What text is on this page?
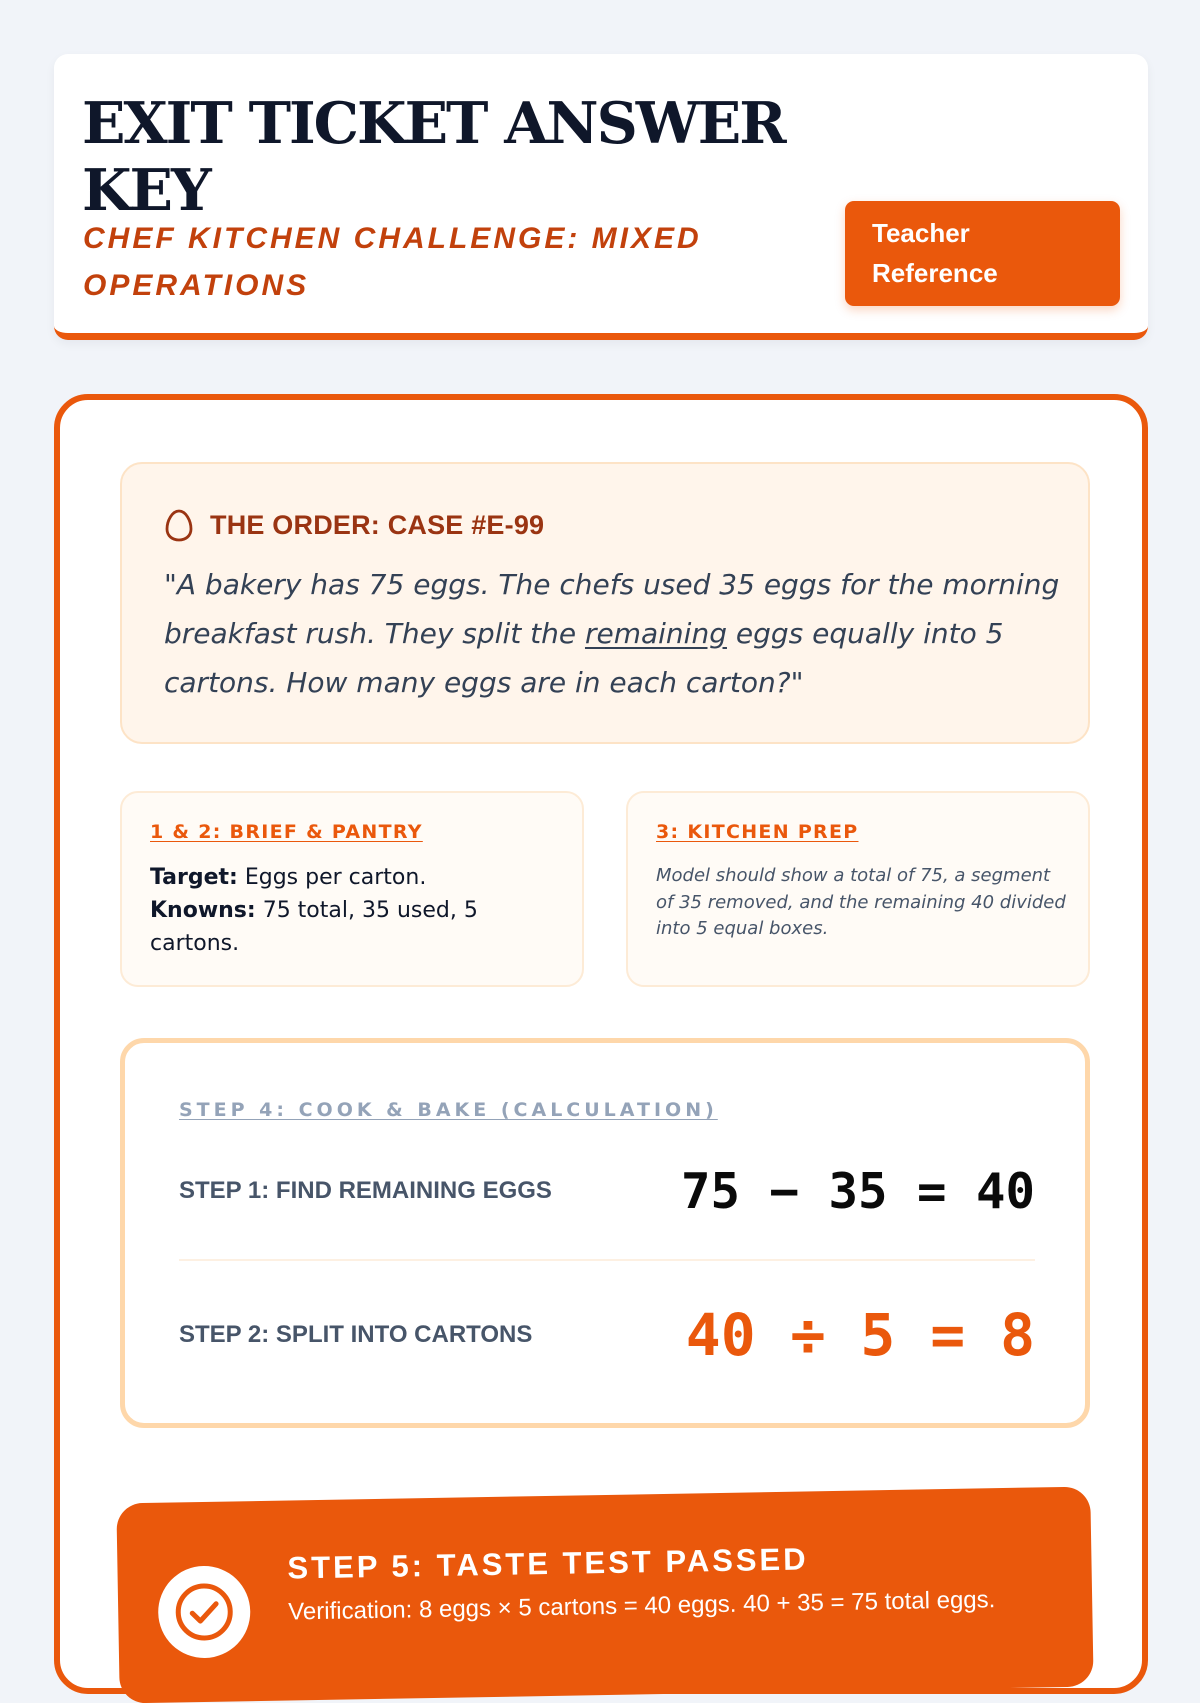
EXIT TICKET ANSWER KEY
CHEF KITCHEN CHALLENGE: MIXED OPERATIONS
Teacher Reference
THE ORDER: CASE #E-99

"A bakery has 75 eggs. The chefs used 35 eggs for the morning breakfast rush. They split the remaining eggs equally into 5 cartons. How many eggs are in each carton?"

1 & 2: BRIEF & PANTRY
Target: Eggs per carton.
Knowns: 75 total, 35 used, 5 cartons.
3: KITCHEN PREP
Model should show a total of 75, a segment of 35 removed, and the remaining 40 divided into 5 equal boxes.
STEP 4: COOK & BAKE (CALCULATION)
STEP 1: FIND REMAINING EGGS	75 − 35 = 40
STEP 2: SPLIT INTO CARTONS	40 ÷ 5 = 8
STEP 5: TASTE TEST PASSED
Verification: 8 eggs × 5 cartons = 40 eggs. 40 + 35 = 75 total eggs.
